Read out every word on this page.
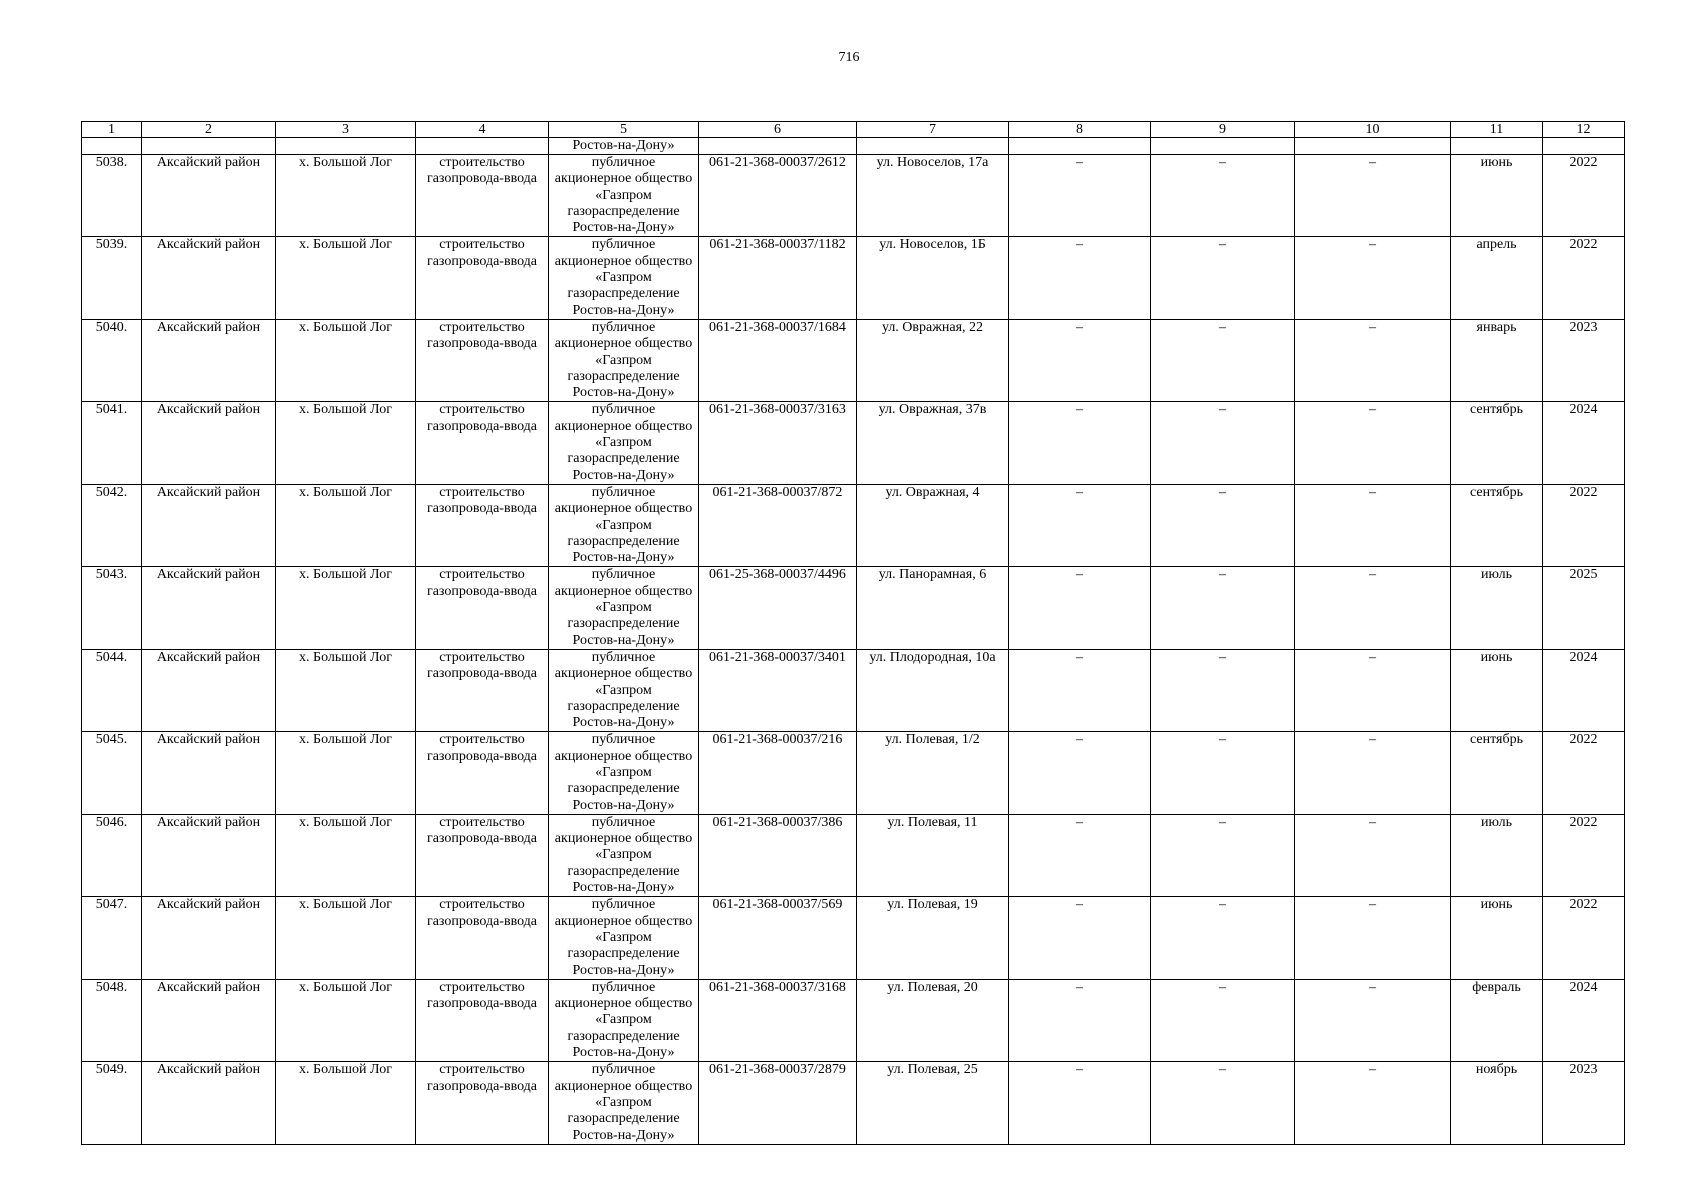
716
1	2	3	4	5	6	7	8	9	10	11	12
				Ростов-на-Дону»							
5038.	Аксайский район	х. Большой Лог	строительство газопровода-ввода	публичное акционерное общество «Газпром газораспределение Ростов-на-Дону»	061-21-368-00037/2612	ул. Новоселов, 17а	–	–	–	июнь	2022
5039.	Аксайский район	х. Большой Лог	строительство газопровода-ввода	публичное акционерное общество «Газпром газораспределение Ростов-на-Дону»	061-21-368-00037/1182	ул. Новоселов, 1Б	–	–	–	апрель	2022
5040.	Аксайский район	х. Большой Лог	строительство газопровода-ввода	публичное акционерное общество «Газпром газораспределение Ростов-на-Дону»	061-21-368-00037/1684	ул. Овражная, 22	–	–	–	январь	2023
5041.	Аксайский район	х. Большой Лог	строительство газопровода-ввода	публичное акционерное общество «Газпром газораспределение Ростов-на-Дону»	061-21-368-00037/3163	ул. Овражная, 37в	–	–	–	сентябрь	2024
5042.	Аксайский район	х. Большой Лог	строительство газопровода-ввода	публичное акционерное общество «Газпром газораспределение Ростов-на-Дону»	061-21-368-00037/872	ул. Овражная, 4	–	–	–	сентябрь	2022
5043.	Аксайский район	х. Большой Лог	строительство газопровода-ввода	публичное акционерное общество «Газпром газораспределение Ростов-на-Дону»	061-25-368-00037/4496	ул. Панорамная, 6	–	–	–	июль	2025
5044.	Аксайский район	х. Большой Лог	строительство газопровода-ввода	публичное акционерное общество «Газпром газораспределение Ростов-на-Дону»	061-21-368-00037/3401	ул. Плодородная, 10а	–	–	–	июнь	2024
5045.	Аксайский район	х. Большой Лог	строительство газопровода-ввода	публичное акционерное общество «Газпром газораспределение Ростов-на-Дону»	061-21-368-00037/216	ул. Полевая, 1/2	–	–	–	сентябрь	2022
5046.	Аксайский район	х. Большой Лог	строительство газопровода-ввода	публичное акционерное общество «Газпром газораспределение Ростов-на-Дону»	061-21-368-00037/386	ул. Полевая, 11	–	–	–	июль	2022
5047.	Аксайский район	х. Большой Лог	строительство газопровода-ввода	публичное акционерное общество «Газпром газораспределение Ростов-на-Дону»	061-21-368-00037/569	ул. Полевая, 19	–	–	–	июнь	2022
5048.	Аксайский район	х. Большой Лог	строительство газопровода-ввода	публичное акционерное общество «Газпром газораспределение Ростов-на-Дону»	061-21-368-00037/3168	ул. Полевая, 20	–	–	–	февраль	2024
5049.	Аксайский район	х. Большой Лог	строительство газопровода-ввода	публичное акционерное общество «Газпром газораспределение Ростов-на-Дону»	061-21-368-00037/2879	ул. Полевая, 25	–	–	–	ноябрь	2023
